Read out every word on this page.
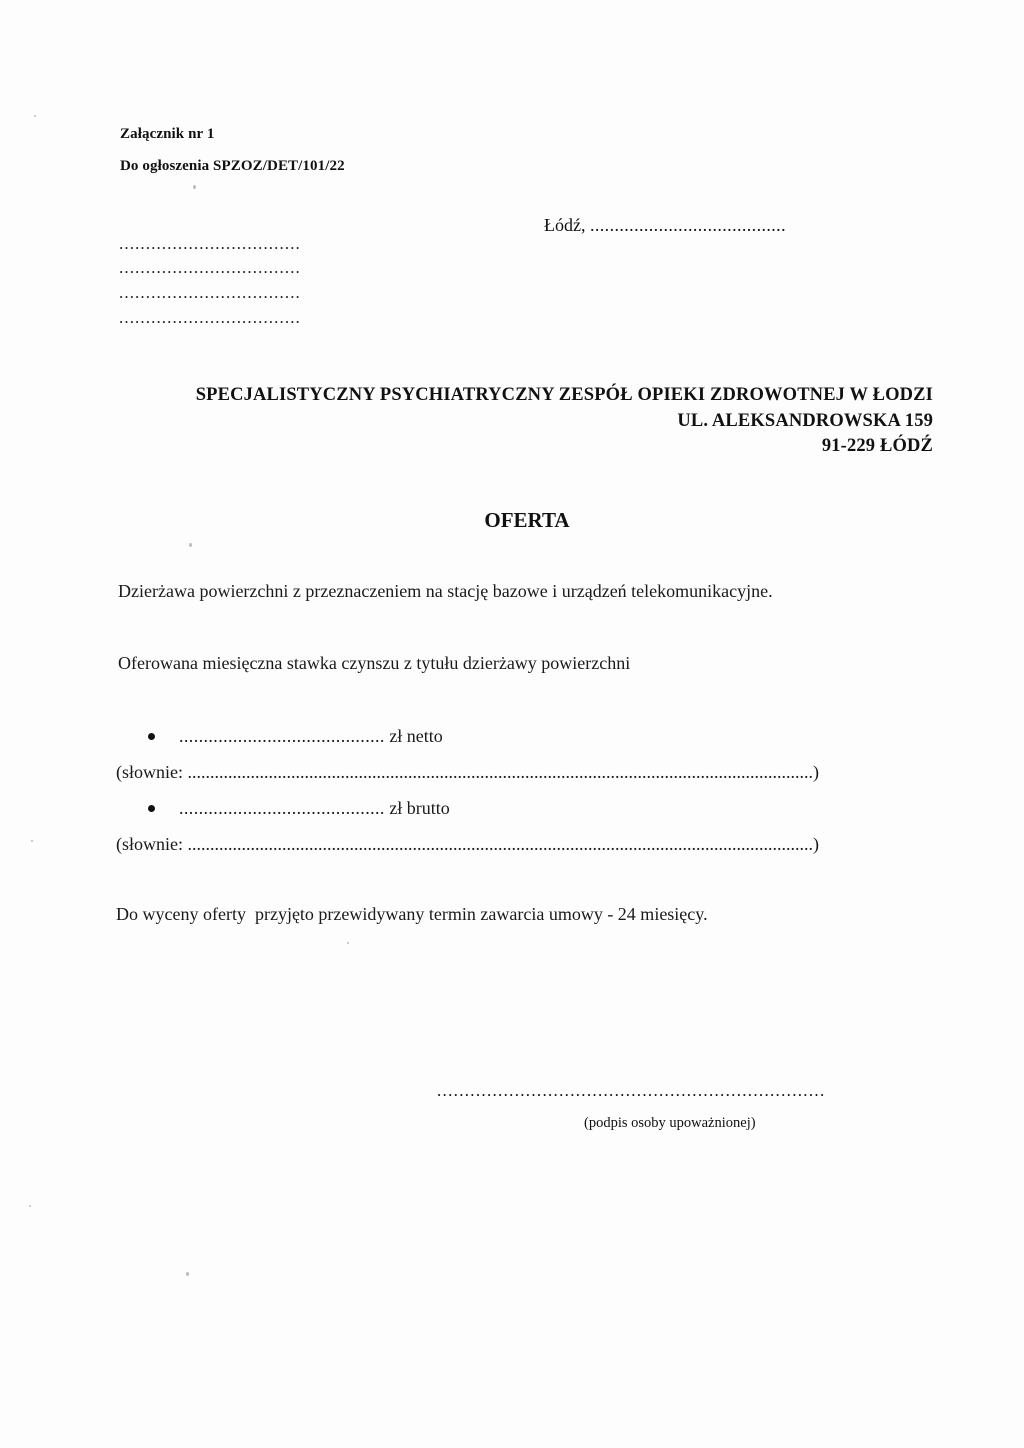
Załącznik nr 1
Do ogłoszenia SPZOZ/DET/101/22
Łódź, ........................................
..................................
..................................
..................................
..................................
SPECJALISTYCZNY PSYCHIATRYCZNY ZESPÓŁ OPIEKI ZDROWOTNEJ W ŁODZI
UL. ALEKSANDROWSKA 159
91-229 ŁÓDŹ
OFERTA
Dzierżawa powierzchni z przeznaczeniem na stację bazowe i urządzeń telekomunikacyjne.
Oferowana miesięczna stawka czynszu z tytułu dzierżawy powierzchni
.......................................... zł netto
(słownie: ...........................................................................................................................................)
.......................................... zł brutto
(słownie: ...........................................................................................................................................)
Do wyceny oferty  przyjęto przewidywany termin zawarcia umowy - 24 miesięcy.
......................................................................
(podpis osoby upoważnionej)
